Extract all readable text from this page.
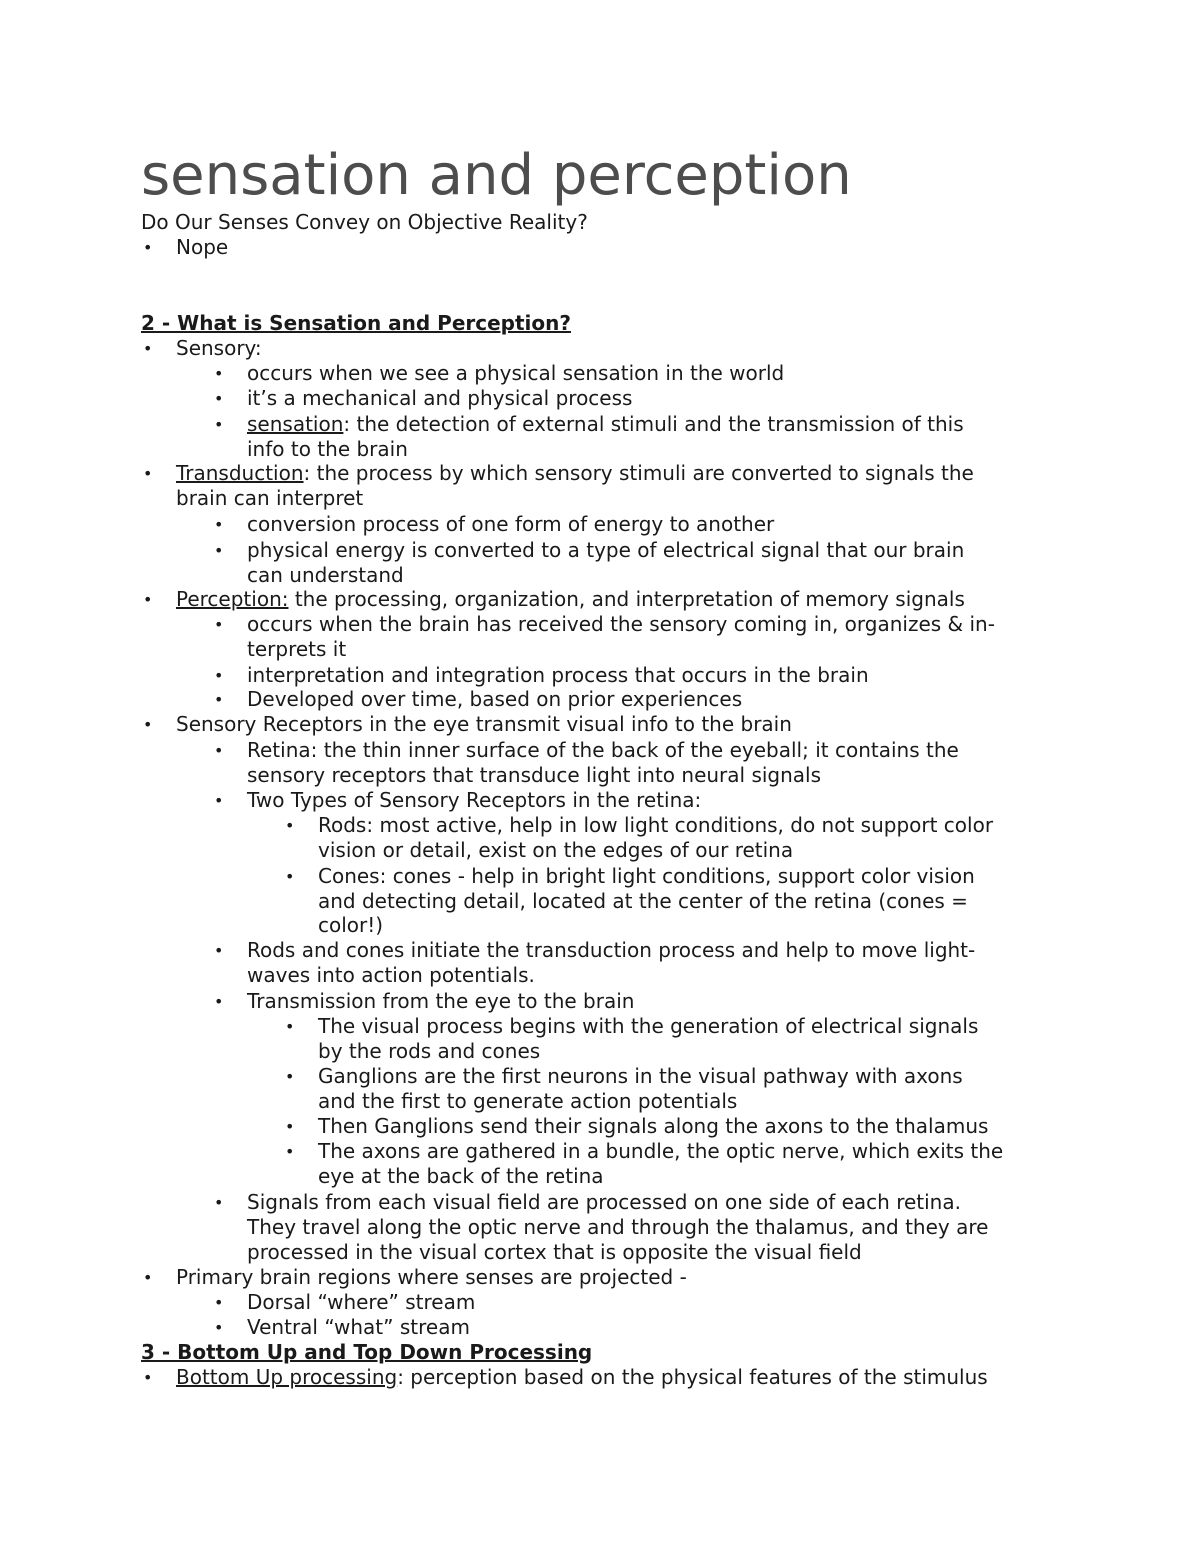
sensation and perception
Do Our Senses Convey on Objective Reality?
• Nope
2 - What is Sensation and Perception?
• Sensory:
• occurs when we see a physical sensation in the world
• it’s a mechanical and physical process
• sensation: the detection of external stimuli and the transmission of this
info to the brain
• Transduction: the process by which sensory stimuli are converted to signals the
brain can interpret
• conversion process of one form of energy to another
• physical energy is converted to a type of electrical signal that our brain
can understand
• Perception: the processing, organization, and interpretation of memory signals
• occurs when the brain has received the sensory coming in, organizes & in-
terprets it
• interpretation and integration process that occurs in the brain
• Developed over time, based on prior experiences
• Sensory Receptors in the eye transmit visual info to the brain
• Retina: the thin inner surface of the back of the eyeball; it contains the
sensory receptors that transduce light into neural signals
• Two Types of Sensory Receptors in the retina:
• Rods: most active, help in low light conditions, do not support color
vision or detail, exist on the edges of our retina
• Cones: cones - help in bright light conditions, support color vision
and detecting detail, located at the center of the retina (cones =
color!)
• Rods and cones initiate the transduction process and help to move light-
waves into action potentials.
• Transmission from the eye to the brain
• The visual process begins with the generation of electrical signals
by the rods and cones
• Ganglions are the first neurons in the visual pathway with axons
and the first to generate action potentials
• Then Ganglions send their signals along the axons to the thalamus
• The axons are gathered in a bundle, the optic nerve, which exits the
eye at the back of the retina
• Signals from each visual field are processed on one side of each retina.
They travel along the optic nerve and through the thalamus, and they are
processed in the visual cortex that is opposite the visual field
• Primary brain regions where senses are projected -
• Dorsal “where” stream
• Ventral “what” stream
3 - Bottom Up and Top Down Processing
• Bottom Up processing: perception based on the physical features of the stimulus
